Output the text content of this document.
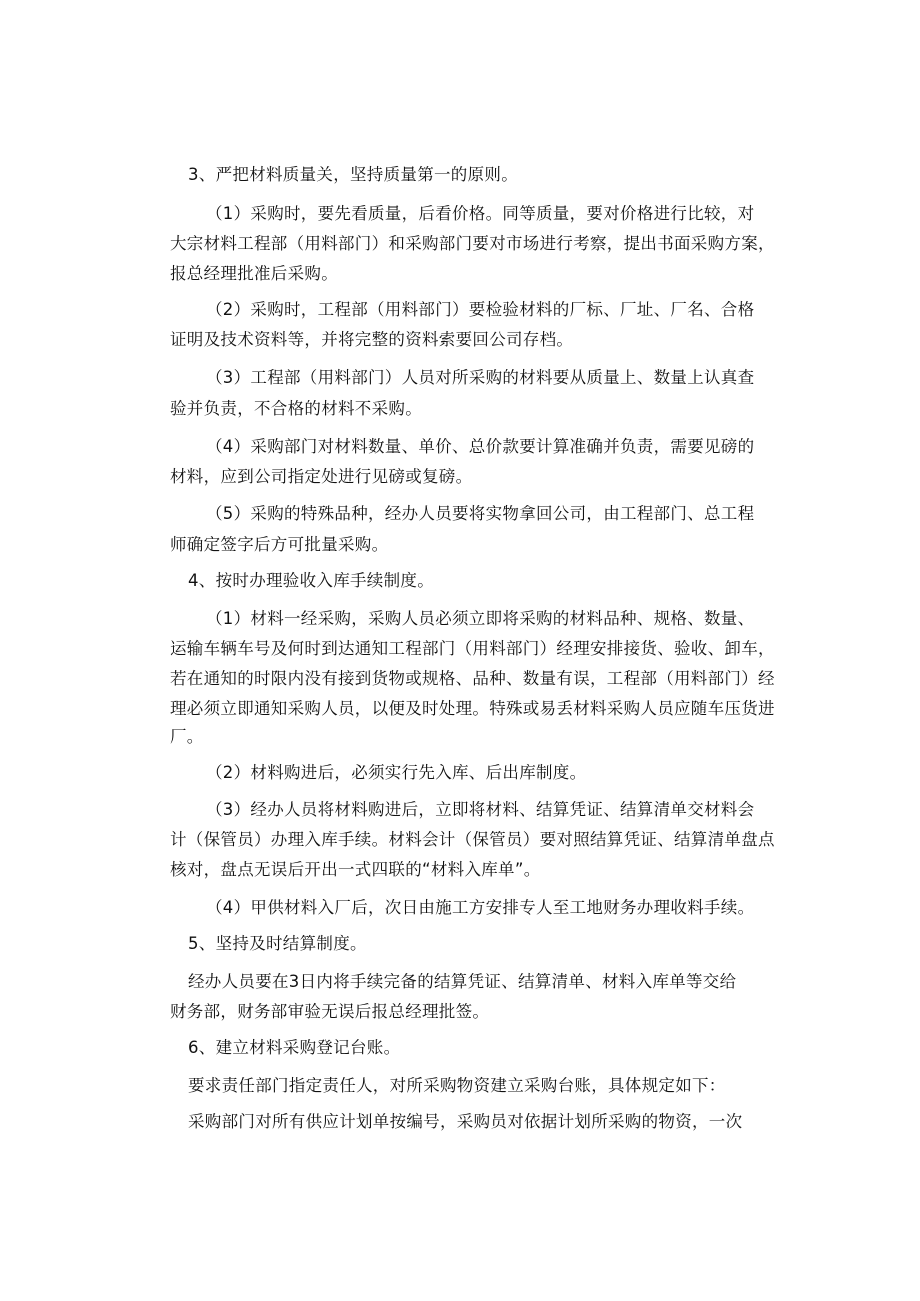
3、严把材料质量关，坚持质量第一的原则。
（1）采购时，要先看质量，后看价格。同等质量，要对价格进行比较，对
大宗材料工程部（用料部门）和采购部门要对市场进行考察，提出书面采购方案，
报总经理批准后采购。
（2）采购时，工程部（用料部门）要检验材料的厂标、厂址、厂名、合格
证明及技术资料等，并将完整的资料索要回公司存档。
（3）工程部（用料部门）人员对所采购的材料要从质量上、数量上认真查
验并负责，不合格的材料不采购。
（4）采购部门对材料数量、单价、总价款要计算准确并负责，需要见磅的
材料，应到公司指定处进行见磅或复磅。
（5）采购的特殊品种，经办人员要将实物拿回公司，由工程部门、总工程
师确定签字后方可批量采购。
4、按时办理验收入库手续制度。
（1）材料一经采购，采购人员必须立即将采购的材料品种、规格、数量、
运输车辆车号及何时到达通知工程部门（用料部门）经理安排接货、验收、卸车，
若在通知的时限内没有接到货物或规格、品种、数量有误，工程部（用料部门）经
理必须立即通知采购人员，以便及时处理。特殊或易丢材料采购人员应随车压货进
厂。
（2）材料购进后，必须实行先入库、后出库制度。
（3）经办人员将材料购进后，立即将材料、结算凭证、结算清单交材料会
计（保管员）办理入库手续。材料会计（保管员）要对照结算凭证、结算清单盘点
核对，盘点无误后开出一式四联的“材料入库单”。
（4）甲供材料入厂后，次日由施工方安排专人至工地财务办理收料手续。
5、坚持及时结算制度。
经办人员要在3日内将手续完备的结算凭证、结算清单、材料入库单等交给
财务部，财务部审验无误后报总经理批签。
6、建立材料采购登记台账。
要求责任部门指定责任人，对所采购物资建立采购台账，具体规定如下：
采购部门对所有供应计划单按编号，采购员对依据计划所采购的物资，一次
